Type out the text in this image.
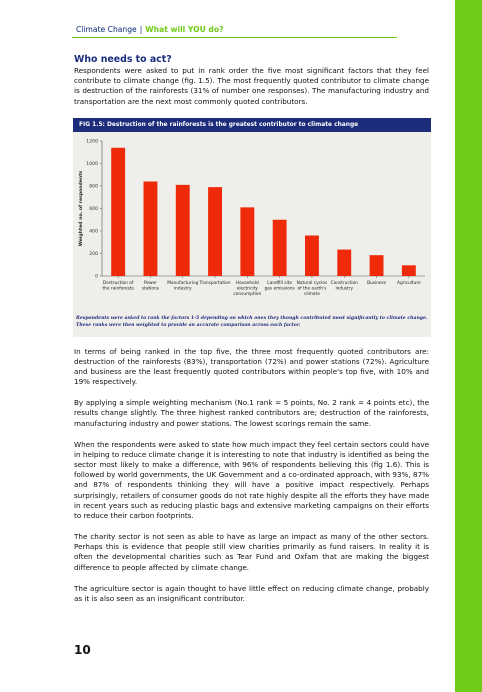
Climate Change | What will YOU do?
Who needs to act?

Respondents were asked to put in rank order the five most significant factors that they feel contribute to climate change (fig. 1.5). The most frequently quoted contributor to climate change is destruction of the rainforests (31% of number one responses). The manufacturing industry and transportation are the next most commonly quoted contributors.

FIG 1.5: Destruction of the rainforests is the greatest contributor to climate change
0
200
400
600
800
1000
1200
Weighted no. of respondents
Destruction of
the rainforests
Power
stations
Manufacturing
industry
Transportation Household
electricity
consumption
Landfill site
gas emissions
Natural cycles
of the earth's
climate
Construction
industry
Business	Agriculture
Respondents were asked to rank the factors 1-5 depending on which ones they though contributed most significantly to climate change.
These ranks were then weighted to provide an accurate comparison across each factor.

In terms of being ranked in the top five, the three most frequently quoted contributors are: destruction of the rainforests (83%), transportation (72%) and power stations (72%). Agriculture and business are the least frequently quoted contributors within people's top five, with 10% and 19% respectively.

By applying a simple weighting mechanism (No.1 rank = 5 points, No. 2 rank = 4 points etc), the results change slightly. The three highest ranked contributors are; destruction of the rainforests, manufacturing industry and power stations. The lowest scorings remain the same.

When the respondents were asked to state how much impact they feel certain sectors could have in helping to reduce climate change it is interesting to note that industry is identified as being the sector most likely to make a difference, with 96% of respondents believing this (fig 1.6). This is followed by world governments, the UK Government and a co-ordinated approach, with 93%, 87% and 87% of respondents thinking they will have a positive impact respectively. Perhaps surprisingly, retailers of consumer goods do not rate highly despite all the efforts they have made in recent years such as reducing plastic bags and extensive marketing campaigns on their efforts to reduce their carbon footprints.

The charity sector is not seen as able to have as large an impact as many of the other sectors. Perhaps this is evidence that people still view charities primarily as fund raisers. In reality it is often the developmental charities such as Tear Fund and Oxfam that are making the biggest difference to people affected by climate change.

The agriculture sector is again thought to have little effect on reducing climate change, probably as it is also seen as an insignificant contributor.

10
